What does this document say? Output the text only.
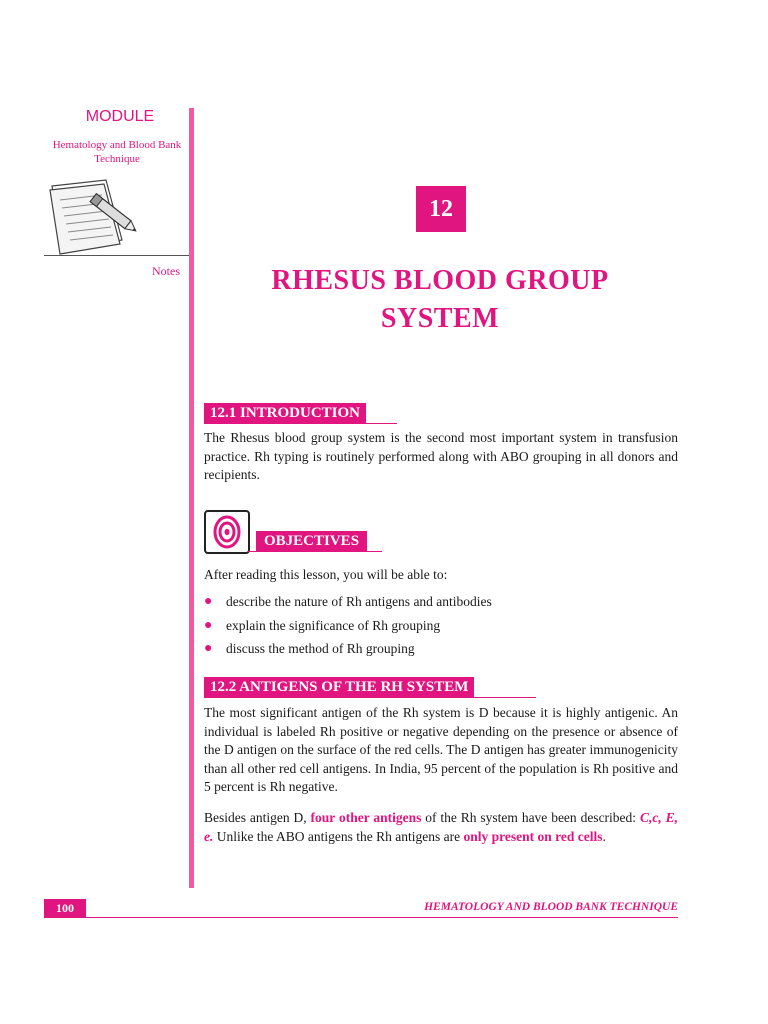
MODULE
Hematology and Blood Bank Technique
Notes
12
RHESUS BLOOD GROUP SYSTEM
12.1 INTRODUCTION

The Rhesus blood group system is the second most important system in transfusion practice. Rh typing is routinely performed along with ABO grouping in all donors and recipients.

OBJECTIVES
After reading this lesson, you will be able to:
● describe the nature of Rh antigens and antibodies
● explain the significance of Rh grouping
● discuss the method of Rh grouping
12.2 ANTIGENS OF THE RH SYSTEM

The most significant antigen of the Rh system is D because it is highly antigenic. An individual is labeled Rh positive or negative depending on the presence or absence of the D antigen on the surface of the red cells. The D antigen has greater immunogenicity than all other red cell antigens. In India, 95 percent of the population is Rh positive and 5 percent is Rh negative.

Besides antigen D, four other antigens of the Rh system have been described: C,c, E, e. Unlike the ABO antigens the Rh antigens are only present on red cells.

100	HEMATOLOGY AND BLOOD BANK TECHNIQUE
